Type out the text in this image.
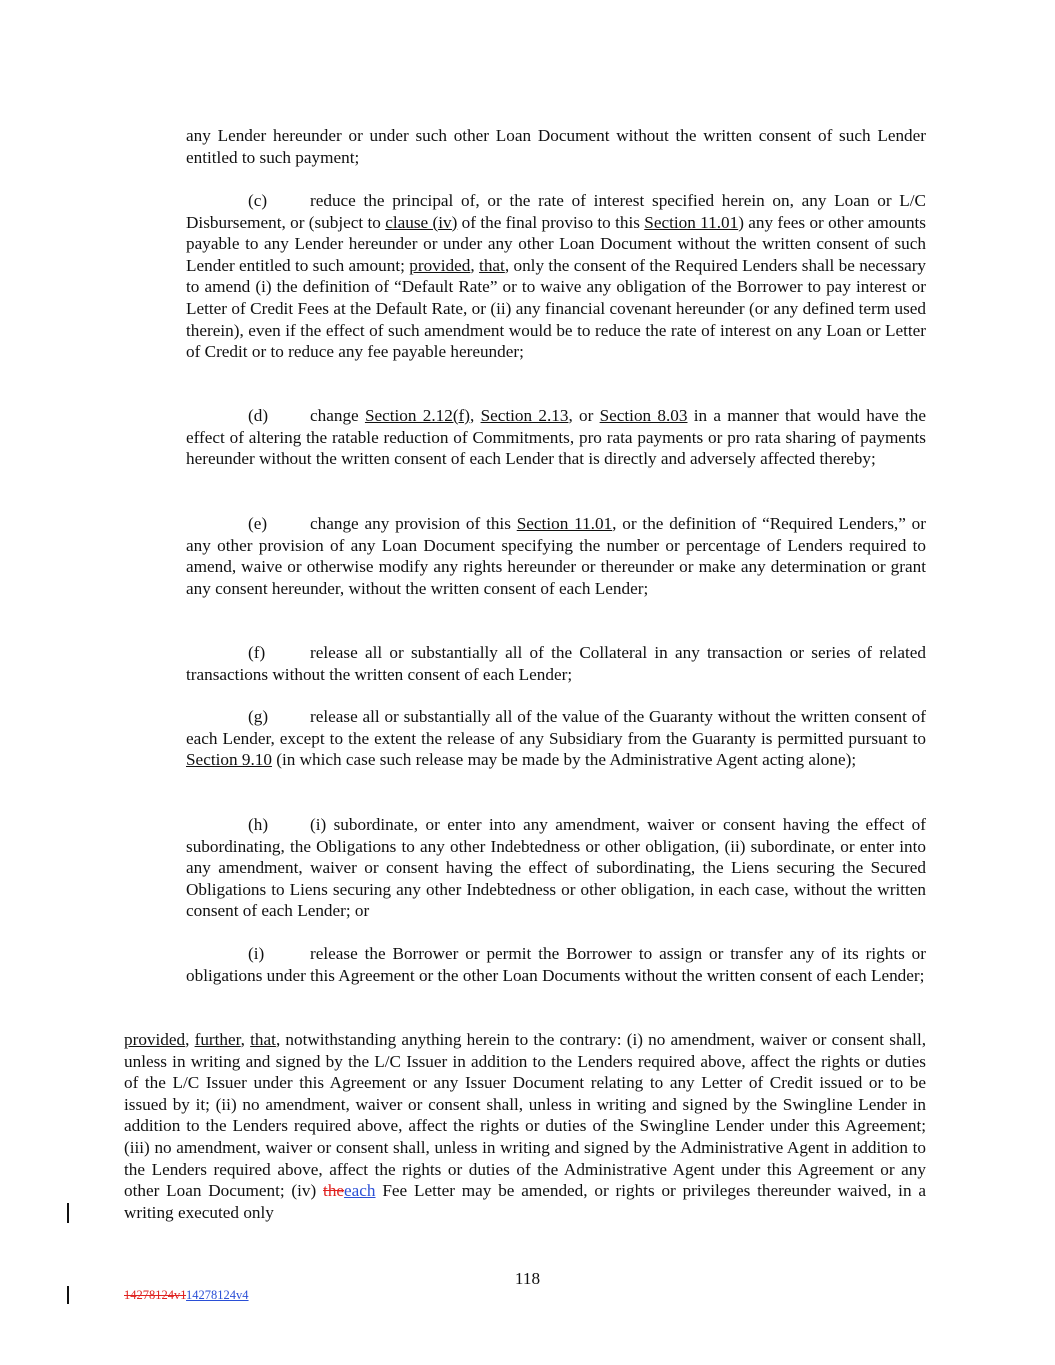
any Lender hereunder or under such other Loan Document without the written consent of such Lender entitled to such payment;

(c) reduce the principal of, or the rate of interest specified herein on, any Loan or L/C Disbursement, or (subject to clause (iv) of the final proviso to this Section 11.01) any fees or other amounts payable to any Lender hereunder or under any other Loan Document without the written consent of such Lender entitled to such amount; provided, that, only the consent of the Required Lenders shall be necessary to amend (i) the definition of “Default Rate” or to waive any obligation of the Borrower to pay interest or Letter of Credit Fees at the Default Rate, or (ii) any financial covenant hereunder (or any defined term used therein), even if the effect of such amendment would be to reduce the rate of interest on any Loan or Letter of Credit or to reduce any fee payable hereunder;

(d) change Section 2.12(f), Section 2.13, or Section 8.03 in a manner that would have the effect of altering the ratable reduction of Commitments, pro rata payments or pro rata sharing of payments hereunder without the written consent of each Lender that is directly and adversely affected thereby;

(e) change any provision of this Section 11.01, or the definition of “Required Lenders,” or any other provision of any Loan Document specifying the number or percentage of Lenders required to amend, waive or otherwise modify any rights hereunder or thereunder or make any determination or grant any consent hereunder, without the written consent of each Lender;

(f)	release all or substantially all of the Collateral in any transaction or series of related transactions without the written consent of each Lender;

(g) release all or substantially all of the value of the Guaranty without the written consent of each Lender, except to the extent the release of any Subsidiary from the Guaranty is permitted pursuant to Section 9.10 (in which case such release may be made by the Administrative Agent acting alone);

(h) (i) subordinate, or enter into any amendment, waiver or consent having the effect of subordinating, the Obligations to any other Indebtedness or other obligation, (ii) subordinate, or enter into any amendment, waiver or consent having the effect of subordinating, the Liens securing the Secured Obligations to Liens securing any other Indebtedness or other obligation, in each case, without the written consent of each Lender; or

(i)	release the Borrower or permit the Borrower to assign or transfer any of its rights or obligations under this Agreement or the other Loan Documents without the written consent of each Lender;

provided, further, that, notwithstanding anything herein to the contrary: (i) no amendment, waiver or consent shall, unless in writing and signed by the L/C Issuer in addition to the Lenders required above, affect the rights or duties of the L/C Issuer under this Agreement or any Issuer Document relating to any Letter of Credit issued or to be issued by it; (ii) no amendment, waiver or consent shall, unless in writing and signed by the Swingline Lender in addition to the Lenders required above, affect the rights or duties of the Swingline Lender under this Agreement; (iii) no amendment, waiver or consent shall, unless in writing and signed by the Administrative Agent in addition to the Lenders required above, affect the rights or duties of the Administrative Agent under this Agreement or any other Loan Document; (iv) theeach Fee Letter may be amended, or rights or privileges thereunder waived, in a writing executed only

118
14278124v114278124v4
